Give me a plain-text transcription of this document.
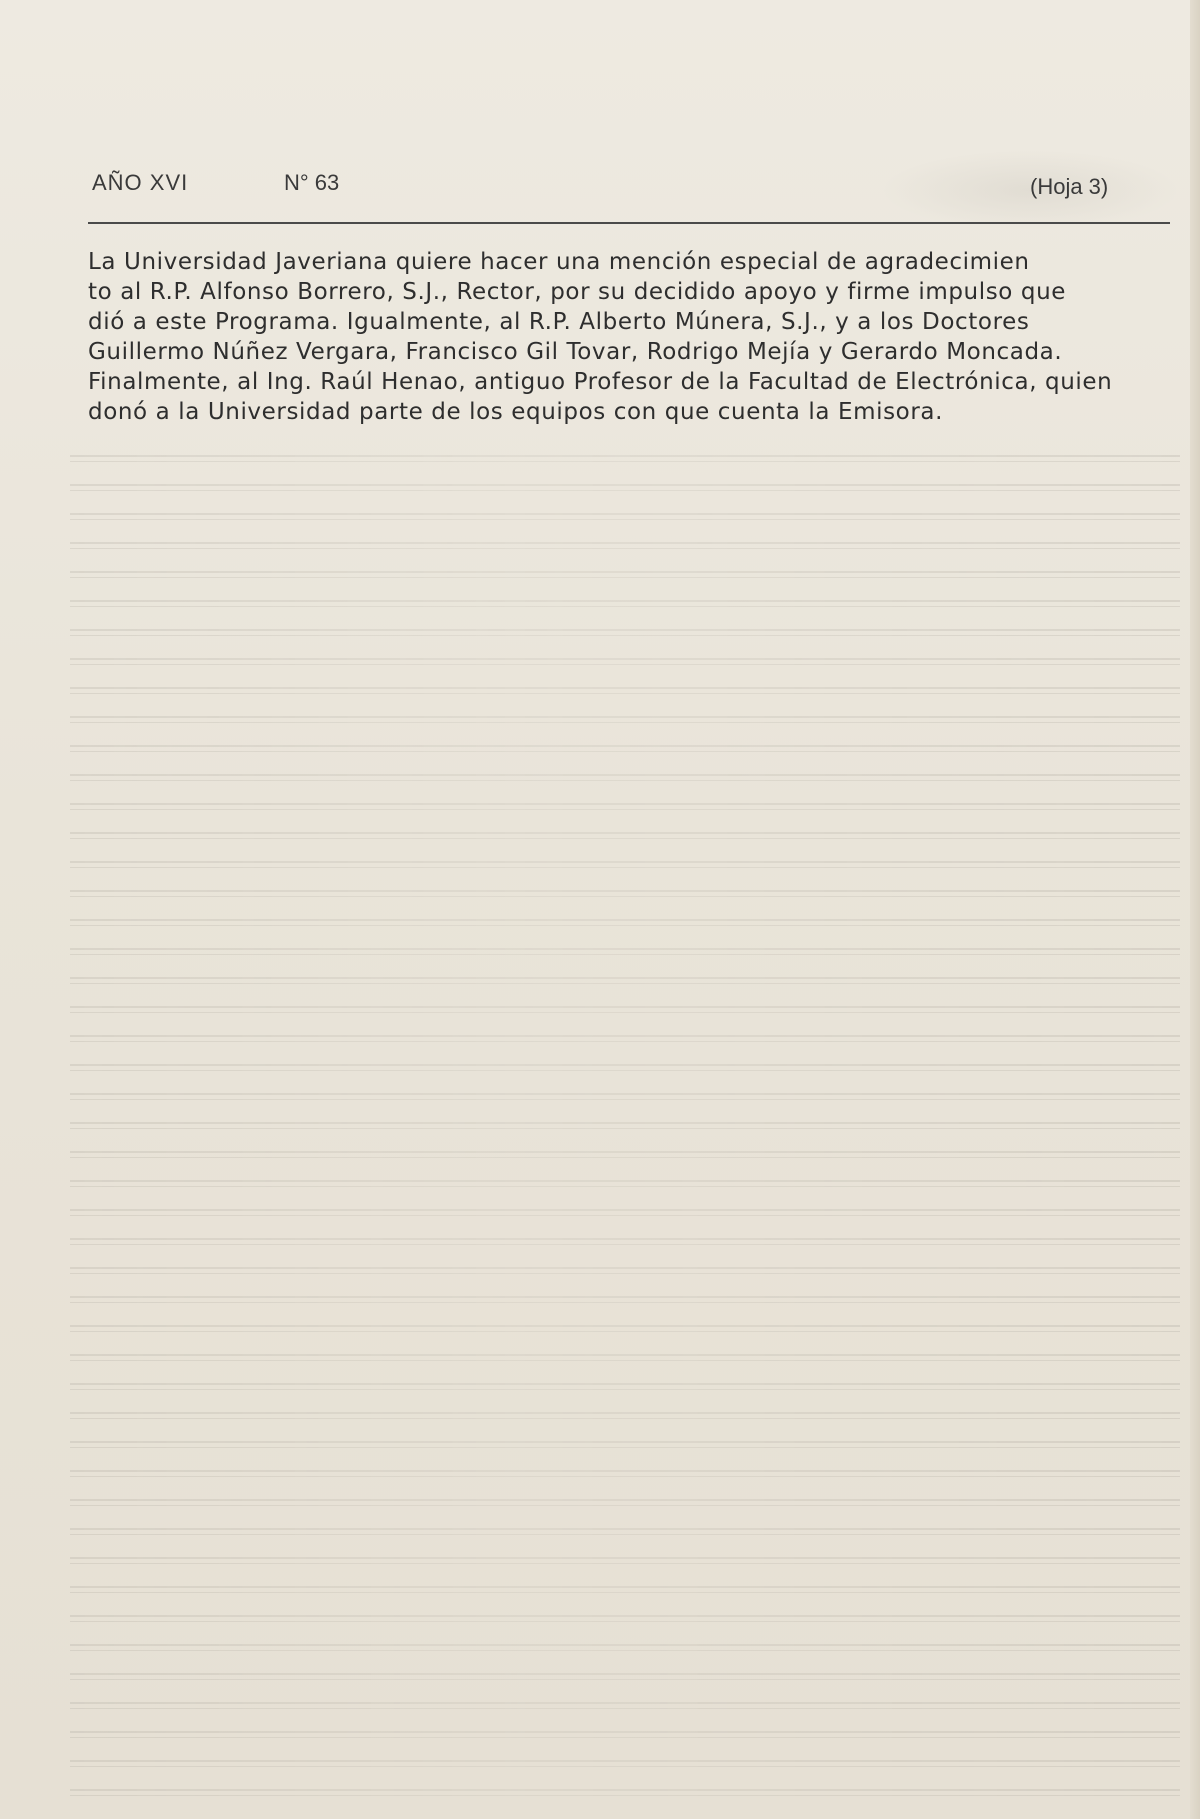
AÑO XVI	N° 63	(Hoja 3)

La Universidad Javeriana quiere hacer una mención especial de agradecimien
to al R.P. Alfonso Borrero, S.J., Rector, por su decidido apoyo y firme impulso que
dió a este Programa. Igualmente, al R.P. Alberto Múnera, S.J., y a los Doctores
Guillermo Núñez Vergara, Francisco Gil Tovar, Rodrigo Mejía y Gerardo Moncada.
Finalmente, al Ing. Raúl Henao, antiguo Profesor de la Facultad de Electrónica, quien
donó a la Universidad parte de los equipos con que cuenta la Emisora.
